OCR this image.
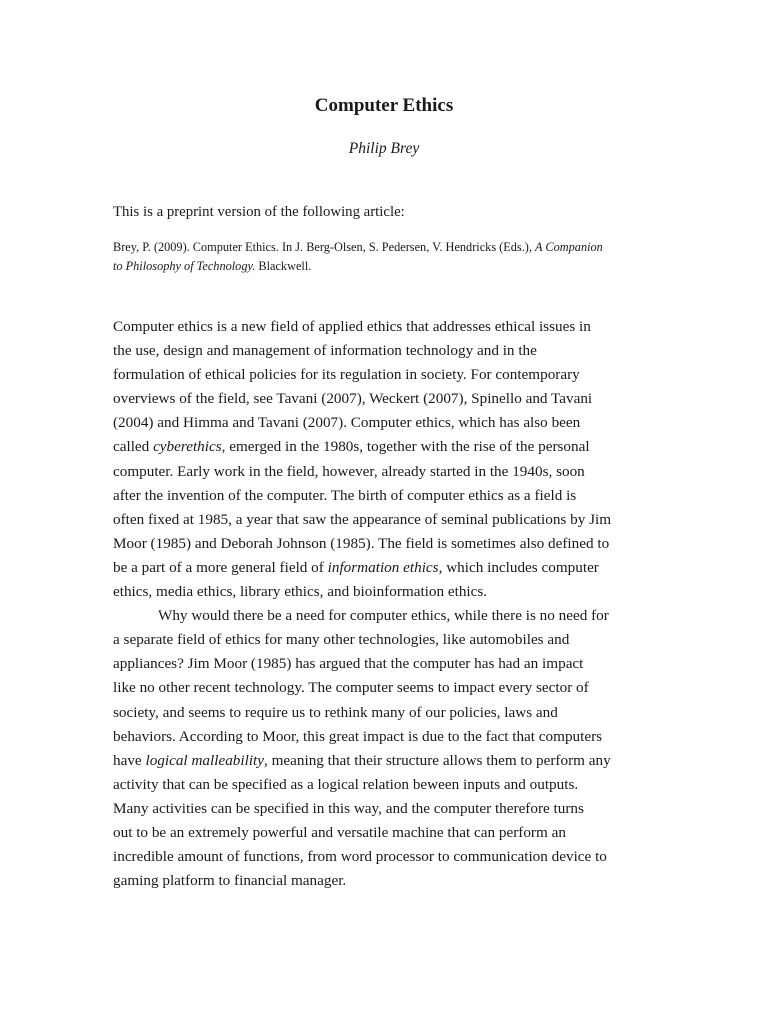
Computer Ethics
Philip Brey
This is a preprint version of the following article:
Brey, P. (2009). Computer Ethics. In J. Berg-Olsen, S. Pedersen, V. Hendricks (Eds.), A Companion
to Philosophy of Technology. Blackwell.
Computer ethics is a new field of applied ethics that addresses ethical issues in
the use, design and management of information technology and in the
formulation of ethical policies for its regulation in society. For contemporary
overviews of the field, see Tavani (2007), Weckert (2007), Spinello and Tavani
(2004) and Himma and Tavani (2007). Computer ethics, which has also been
called cyberethics, emerged in the 1980s, together with the rise of the personal
computer. Early work in the field, however, already started in the 1940s, soon
after the invention of the computer. The birth of computer ethics as a field is
often fixed at 1985, a year that saw the appearance of seminal publications by Jim
Moor (1985) and Deborah Johnson (1985). The field is sometimes also defined to
be a part of a more general field of information ethics, which includes computer
ethics, media ethics, library ethics, and bioinformation ethics.
Why would there be a need for computer ethics, while there is no need for
a separate field of ethics for many other technologies, like automobiles and
appliances? Jim Moor (1985) has argued that the computer has had an impact
like no other recent technology. The computer seems to impact every sector of
society, and seems to require us to rethink many of our policies, laws and
behaviors. According to Moor, this great impact is due to the fact that computers
have logical malleability, meaning that their structure allows them to perform any
activity that can be specified as a logical relation beween inputs and outputs.
Many activities can be specified in this way, and the computer therefore turns
out to be an extremely powerful and versatile machine that can perform an
incredible amount of functions, from word processor to communication device to
gaming platform to financial manager.
